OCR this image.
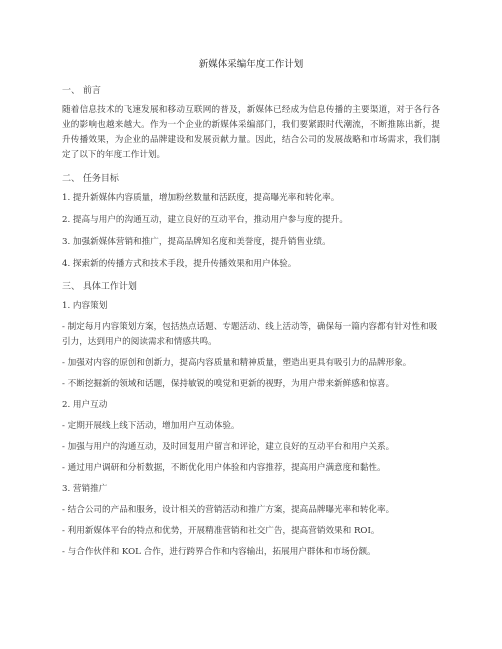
新媒体采编年度工作计划
一、 前言
随着信息技术的飞速发展和移动互联网的普及，新媒体已经成为信息传播的主要渠道，对于各行各业的影响也越来越大。作为一个企业的新媒体采编部门，我们要紧跟时代潮流，不断推陈出新，提升传播效果，为企业的品牌建设和发展贡献力量。因此，结合公司的发展战略和市场需求，我们制定了以下的年度工作计划。
二、 任务目标
1. 提升新媒体内容质量，增加粉丝数量和活跃度，提高曝光率和转化率。
2. 提高与用户的沟通互动，建立良好的互动平台，推动用户参与度的提升。
3. 加强新媒体营销和推广，提高品牌知名度和美誉度，提升销售业绩。
4. 探索新的传播方式和技术手段，提升传播效果和用户体验。
三、 具体工作计划
1. 内容策划
- 制定每月内容策划方案，包括热点话题、专题活动、线上活动等，确保每一篇内容都有针对性和吸引力，达到用户的阅读需求和情感共鸣。
- 加强对内容的原创和创新力，提高内容质量和精神质量，塑造出更具有吸引力的品牌形象。
- 不断挖掘新的领域和话题，保持敏锐的嗅觉和更新的视野，为用户带来新鲜感和惊喜。
2. 用户互动
- 定期开展线上线下活动，增加用户互动体验。
- 加强与用户的沟通互动，及时回复用户留言和评论，建立良好的互动平台和用户关系。
- 通过用户调研和分析数据，不断优化用户体验和内容推荐，提高用户满意度和黏性。
3. 营销推广
- 结合公司的产品和服务，设计相关的营销活动和推广方案，提高品牌曝光率和转化率。
- 利用新媒体平台的特点和优势，开展精准营销和社交广告，提高营销效果和 ROI。
- 与合作伙伴和 KOL 合作，进行跨界合作和内容输出，拓展用户群体和市场份额。
